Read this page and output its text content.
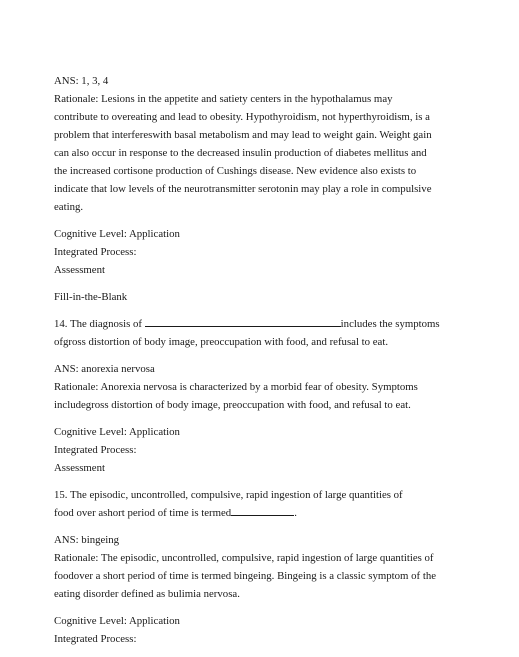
ANS: 1, 3, 4
Rationale: Lesions in the appetite and satiety centers in the hypothalamus may
contribute to overeating and lead to obesity. Hypothyroidism, not hyperthyroidism, is a
problem that interfereswith basal metabolism and may lead to weight gain. Weight gain
can also occur in response to the decreased insulin production of diabetes mellitus and
the increased cortisone production of Cushings disease. New evidence also exists to
indicate that low levels of the neurotransmitter serotonin may play a role in compulsive
eating.
Cognitive Level: Application
Integrated Process:
Assessment
Fill-in-the-Blank
14. The diagnosis of	includes the symptoms
ofgross distortion of body image, preoccupation with food, and refusal to eat.
ANS: anorexia nervosa
Rationale: Anorexia nervosa is characterized by a morbid fear of obesity. Symptoms
includegross distortion of body image, preoccupation with food, and refusal to eat.
Cognitive Level: Application
Integrated Process:
Assessment
15. The episodic, uncontrolled, compulsive, rapid ingestion of large quantities of
food over ashort period of time is termed	.
ANS: bingeing
Rationale: The episodic, uncontrolled, compulsive, rapid ingestion of large quantities of
foodover a short period of time is termed bingeing. Bingeing is a classic symptom of the
eating disorder defined as bulimia nervosa.
Cognitive Level: Application
Integrated Process:
